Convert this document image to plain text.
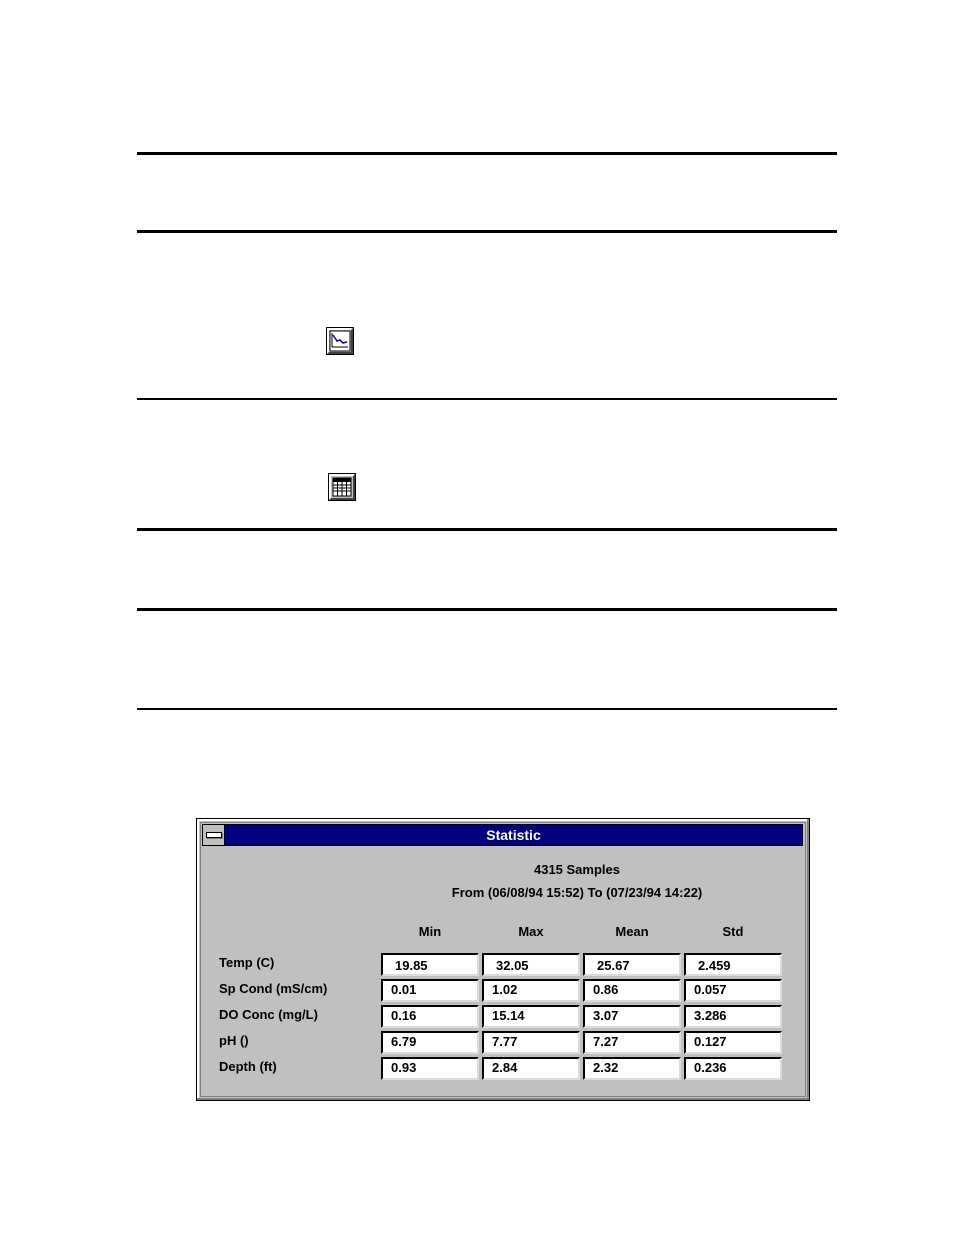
Statistic
4315 Samples
From (06/08/94 15:52) To (07/23/94 14:22)
Min	Max	Mean	Std
Temp (C)	19.85	32.05	25.67	2.459
Sp Cond (mS/cm)	0.01	1.02	0.86	0.057
DO Conc (mg/L)	0.16	15.14	3.07	3.286
pH ()	6.79	7.77	7.27	0.127
Depth (ft)	0.93	2.84	2.32	0.236
